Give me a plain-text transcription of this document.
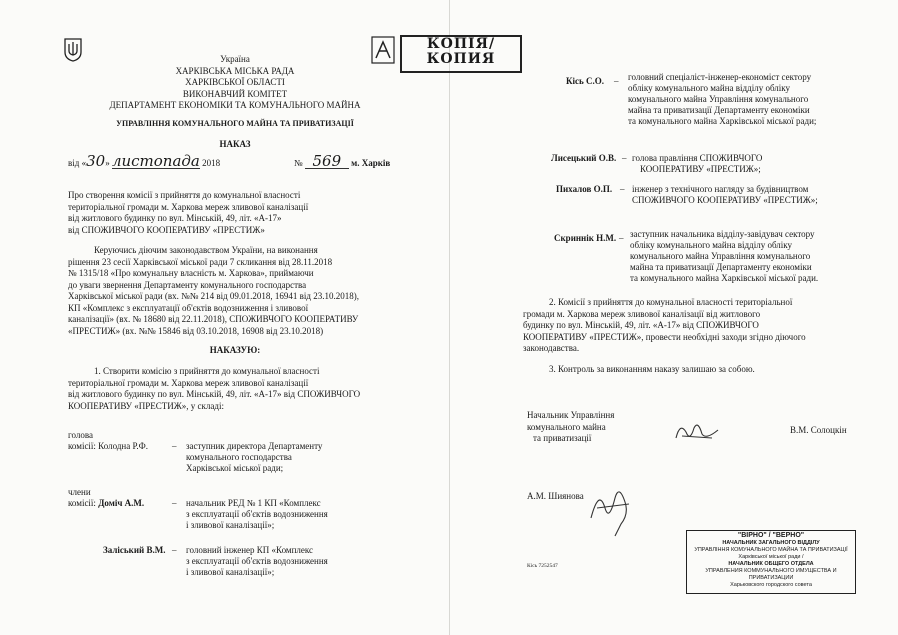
Україна
ХАРКІВСЬКА МІСЬКА РАДА
ХАРКІВСЬКОЇ ОБЛАСТІ
ВИКОНАВЧИЙ КОМІТЕТ
ДЕПАРТАМЕНТ ЕКОНОМІКИ ТА КОМУНАЛЬНОГО МАЙНА
УПРАВЛІННЯ КОМУНАЛЬНОГО МАЙНА ТА ПРИВАТИЗАЦІЇ
НАКАЗ
від «30» листопада 2018	№ 569 м. Харків
Про створення комісії з прийняття до комунальної власності
територіальної громади м. Харкова мереж зливової каналізації
від житлового будинку по вул. Мінській, 49, літ. «А-17»
від СПОЖИВЧОГО КООПЕРАТИВУ «ПРЕСТИЖ»
Керуючись діючим законодавством України, на виконання
рішення 23 сесії Харківської міської ради 7 скликання від 28.11.2018
№ 1315/18 «Про комунальну власність м. Харкова», приймаючи
до уваги звернення Департаменту комунального господарства
Харківської міської ради (вх. №№ 214 від 09.01.2018, 16941 від 23.10.2018),
КП «Комплекс з експлуатації об'єктів водозниження і зливової
каналізації» (вх. № 18680 від 22.11.2018), СПОЖИВЧОГО КООПЕРАТИВУ
«ПРЕСТИЖ» (вх. №№ 15846 від 03.10.2018, 16908 від 23.10.2018)
НАКАЗУЮ:
1. Створити комісію з прийняття до комунальної власності
територіальної громади м. Харкова мереж зливової каналізації
від житлового будинку по вул. Мінській, 49, літ. «А-17» від СПОЖИВЧОГО
КООПЕРАТИВУ «ПРЕСТИЖ», у складі:
голова
комісії: Колодна Р.Ф.	– заступник директора Департаменту
комунального господарства
Харківської міської ради;
члени
комісії: Доміч А.М.	– начальник РЕД № 1 КП «Комплекс
з експлуатації об'єктів водозниження
і зливової каналізації»;
Заліський В.М. – головний інженер КП «Комплекс
з експлуатації об'єктів водозниження
і зливової каналізації»;
КОПІЯ/
КОПИЯ
Кісь С.О. – головний спеціаліст-інженер-економіст сектору
обліку комунального майна відділу обліку
комунального майна Управління комунального
майна та приватизації Департаменту економіки
та комунального майна Харківської міської ради;
Лисецький О.В. – голова правління СПОЖИВЧОГО
КООПЕРАТИВУ «ПРЕСТИЖ»;
Пихалов О.П. – інженер з технічного нагляду за будівництвом
СПОЖИВЧОГО КООПЕРАТИВУ «ПРЕСТИЖ»;
Скриннік Н.М. – заступник начальника відділу-завідувач сектору
обліку комунального майна відділу обліку
комунального майна Управління комунального
майна та приватизації Департаменту економіки
та комунального майна Харківської міської ради.
2. Комісії з прийняття до комунальної власності територіальної
громади м. Харкова мереж зливової каналізації від житлового
будинку по вул. Мінській, 49, літ. «А-17» від СПОЖИВЧОГО
КООПЕРАТИВУ «ПРЕСТИЖ», провести необхідні заходи згідно діючого
законодавства.
3. Контроль за виконанням наказу залишаю за собою.
Начальник Управління
комунального майна
та приватизації
В.М. Солоцкін
А.М. Шиянова
Кісь 7252547
"ВІРНО" / "ВЕРНО"
НАЧАЛЬНИК ЗАГАЛЬНОГО ВІДДІЛУ
УПРАВЛІННЯ КОМУНАЛЬНОГО МАЙНА ТА ПРИВАТИЗАЦІЇ
Харківської міської ради /
НАЧАЛЬНИК ОБЩЕГО ОТДЕЛА
УПРАВЛЕНИЯ КОММУНАЛЬНОГО ИМУЩЕСТВА И ПРИВАТИЗАЦИИ
Харьковского городского совета
